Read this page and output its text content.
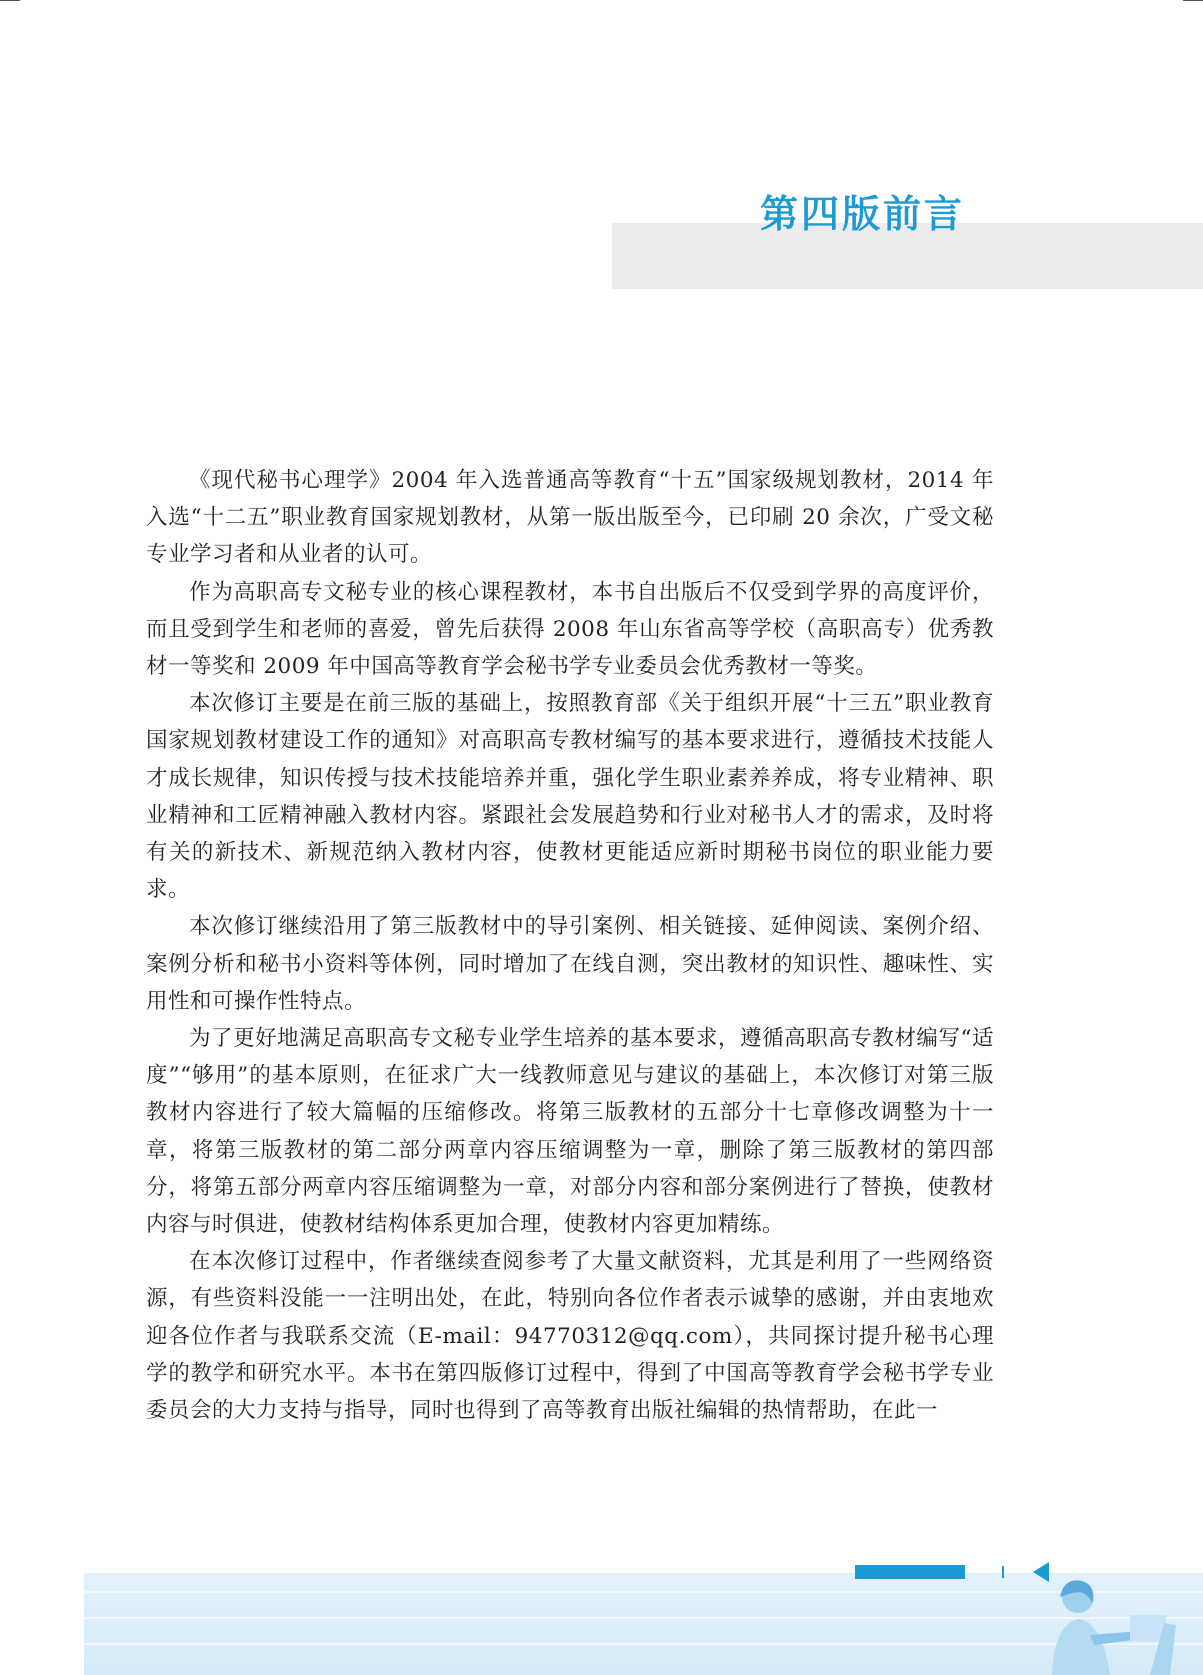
第四版前言

《现代秘书心理学》2004 年入选普通高等教育“十五”国家级规划教材，2014 年入选“十二五”职业教育国家规划教材，从第一版出版至今，已印刷 20 余次，广受文秘专业学习者和从业者的认可。

作为高职高专文秘专业的核心课程教材，本书自出版后不仅受到学界的高度评价，而且受到学生和老师的喜爱，曾先后获得 2008 年山东省高等学校（高职高专）优秀教材一等奖和 2009 年中国高等教育学会秘书学专业委员会优秀教材一等奖。

本次修订主要是在前三版的基础上，按照教育部《关于组织开展“十三五”职业教育国家规划教材建设工作的通知》对高职高专教材编写的基本要求进行，遵循技术技能人才成长规律，知识传授与技术技能培养并重，强化学生职业素养养成，将专业精神、职业精神和工匠精神融入教材内容。紧跟社会发展趋势和行业对秘书人才的需求，及时将有关的新技术、新规范纳入教材内容，使教材更能适应新时期秘书岗位的职业能力要求。

本次修订继续沿用了第三版教材中的导引案例、相关链接、延伸阅读、案例介绍、案例分析和秘书小资料等体例，同时增加了在线自测，突出教材的知识性、趣味性、实用性和可操作性特点。

为了更好地满足高职高专文秘专业学生培养的基本要求，遵循高职高专教材编写“适度”“够用”的基本原则，在征求广大一线教师意见与建议的基础上，本次修订对第三版教材内容进行了较大篇幅的压缩修改。将第三版教材的五部分十七章修改调整为十一章，将第三版教材的第二部分两章内容压缩调整为一章，删除了第三版教材的第四部分，将第五部分两章内容压缩调整为一章，对部分内容和部分案例进行了替换，使教材内容与时俱进，使教材结构体系更加合理，使教材内容更加精练。

在本次修订过程中，作者继续查阅参考了大量文献资料，尤其是利用了一些网络资源，有些资料没能一一注明出处，在此，特别向各位作者表示诚挚的感谢，并由衷地欢迎各位作者与我联系交流（E-mail：94770312@qq.com），共同探讨提升秘书心理学的教学和研究水平。本书在第四版修订过程中，得到了中国高等教育学会秘书学专业委员会的大力支持与指导，同时也得到了高等教育出版社编辑的热情帮助，在此一
